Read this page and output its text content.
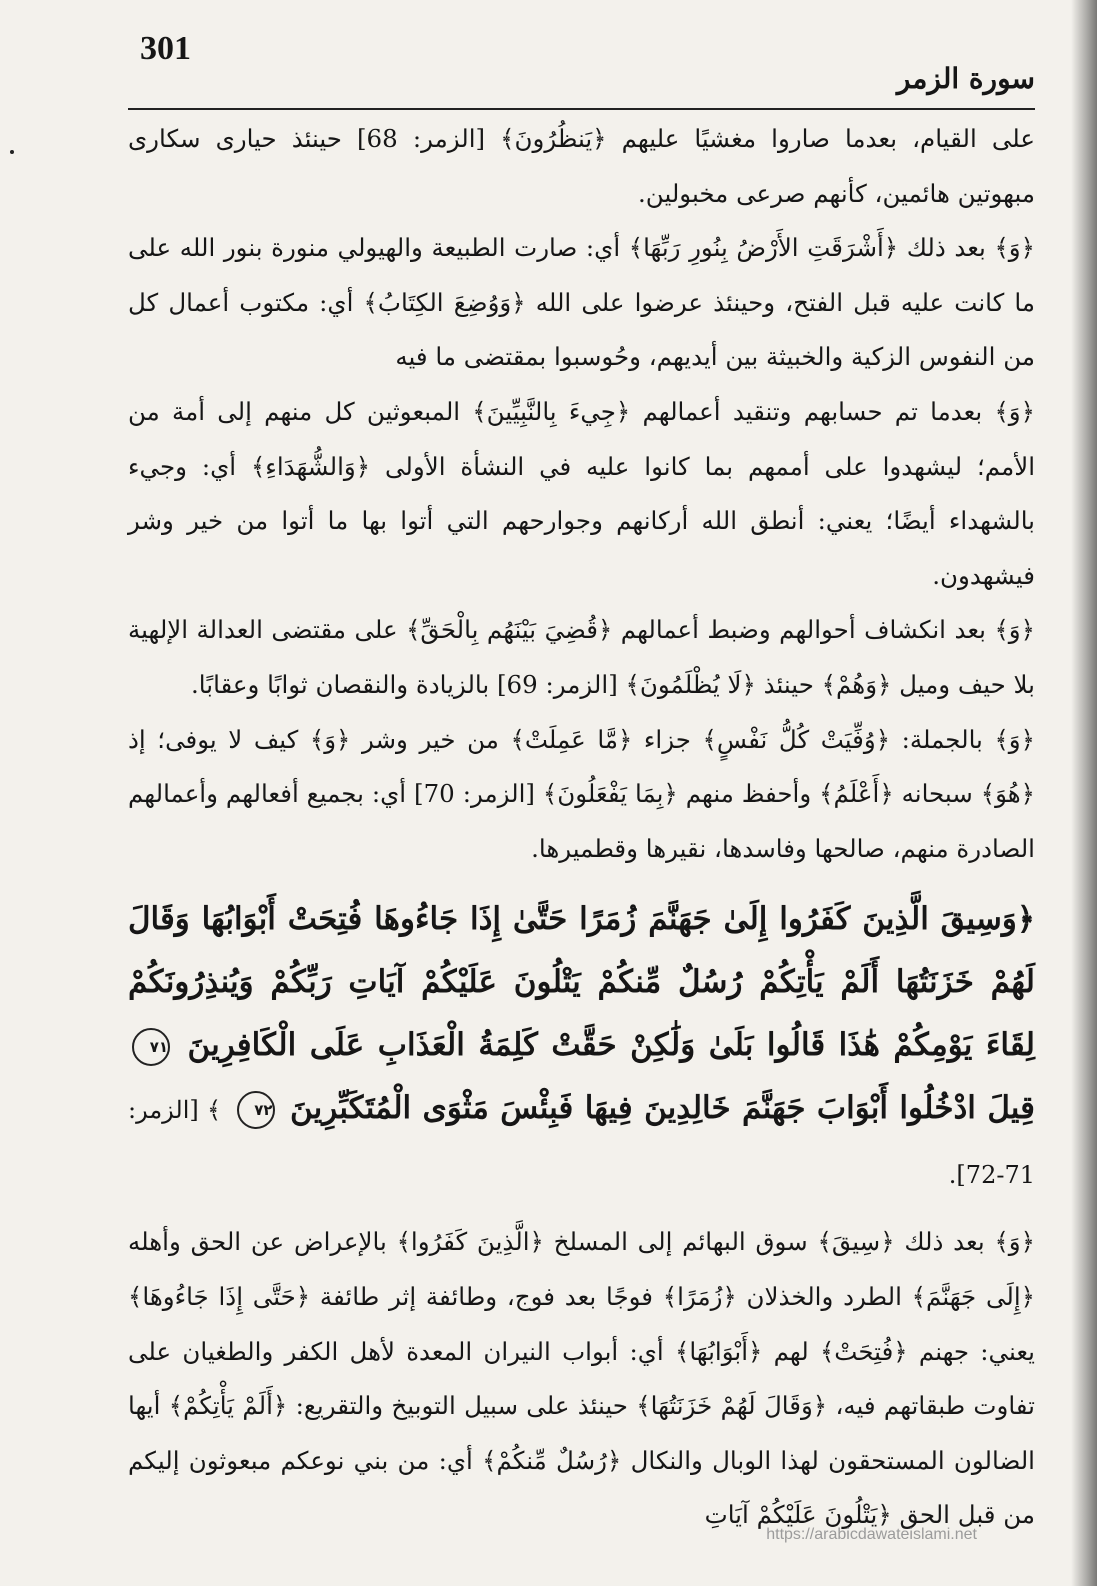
301
سورة الزمر

على القيام، بعدما صاروا مغشيًا عليهم ﴿يَنظُرُونَ﴾ [الزمر: 68] حينئذ حيارى سكارى مبهوتين هائمين، كأنهم صرعى مخبولين.

﴿وَ﴾ بعد ذلك ﴿أَشْرَقَتِ الأَرْضُ بِنُورِ رَبِّهَا﴾ أي: صارت الطبيعة والهيولي منورة بنور الله على ما كانت عليه قبل الفتح، وحينئذ عرضوا على الله ﴿وَوُضِعَ الكِتَابُ﴾ أي: مكتوب أعمال كل من النفوس الزكية والخبيثة بين أيديهم، وحُوسبوا بمقتضى ما فيه

﴿وَ﴾ بعدما تم حسابهم وتنقيد أعمالهم ﴿جِيءَ بِالنَّبِيِّينَ﴾ المبعوثين كل منهم إلى أمة من الأمم؛ ليشهدوا على أممهم بما كانوا عليه في النشأة الأولى ﴿وَالشُّهَدَاءِ﴾ أي: وجيء بالشهداء أيضًا؛ يعني: أنطق الله أركانهم وجوارحهم التي أتوا بها ما أتوا من خير وشر فيشهدون.

﴿وَ﴾ بعد انكشاف أحوالهم وضبط أعمالهم ﴿قُضِيَ بَيْنَهُم بِالْحَقِّ﴾ على مقتضى العدالة الإلهية بلا حيف وميل ﴿وَهُمْ﴾ حينئذ ﴿لَا يُظْلَمُونَ﴾ [الزمر: 69] بالزيادة والنقصان ثوابًا وعقابًا.

﴿وَ﴾ بالجملة: ﴿وُفِّيَتْ كُلُّ نَفْسٍ﴾ جزاء ﴿مَّا عَمِلَتْ﴾ من خير وشر ﴿وَ﴾ كيف لا يوفى؛ إذ ﴿هُوَ﴾ سبحانه ﴿أَعْلَمُ﴾ وأحفظ منهم ﴿بِمَا يَفْعَلُونَ﴾ [الزمر: 70] أي: بجميع أفعالهم وأعمالهم الصادرة منهم، صالحها وفاسدها، نقيرها وقطميرها.

﴿وَسِيقَ الَّذِينَ كَفَرُوا إِلَىٰ جَهَنَّمَ زُمَرًا حَتَّىٰ إِذَا جَاءُوهَا فُتِحَتْ أَبْوَابُهَا وَقَالَ لَهُمْ خَزَنَتُهَا أَلَمْ يَأْتِكُمْ رُسُلٌ مِّنكُمْ يَتْلُونَ عَلَيْكُمْ آيَاتِ رَبِّكُمْ وَيُنذِرُونَكُمْ لِقَاءَ يَوْمِكُمْ هَٰذَا قَالُوا بَلَىٰ وَلَٰكِنْ حَقَّتْ كَلِمَةُ الْعَذَابِ عَلَى الْكَافِرِينَ ٧١ قِيلَ ادْخُلُوا أَبْوَابَ جَهَنَّمَ خَالِدِينَ فِيهَا فَبِئْسَ مَثْوَى الْمُتَكَبِّرِينَ ٧٢ ﴾ [الزمر: 71-72].

﴿وَ﴾ بعد ذلك ﴿سِيقَ﴾ سوق البهائم إلى المسلخ ﴿الَّذِينَ كَفَرُوا﴾ بالإعراض عن الحق وأهله ﴿إِلَى جَهَنَّمَ﴾ الطرد والخذلان ﴿زُمَرًا﴾ فوجًا بعد فوج، وطائفة إثر طائفة ﴿حَتَّى إِذَا جَاءُوهَا﴾ يعني: جهنم ﴿فُتِحَتْ﴾ لهم ﴿أَبْوَابُهَا﴾ أي: أبواب النيران المعدة لأهل الكفر والطغيان على تفاوت طبقاتهم فيه، ﴿وَقَالَ لَهُمْ خَزَنَتُهَا﴾ حينئذ على سبيل التوبيخ والتقريع: ﴿أَلَمْ يَأْتِكُمْ﴾ أيها الضالون المستحقون لهذا الوبال والنكال ﴿رُسُلٌ مِّنكُمْ﴾ أي: من بني نوعكم مبعوثون إليكم من قبل الحق ﴿يَتْلُونَ عَلَيْكُمْ آيَاتِ

https://arabicdawateislami.net
